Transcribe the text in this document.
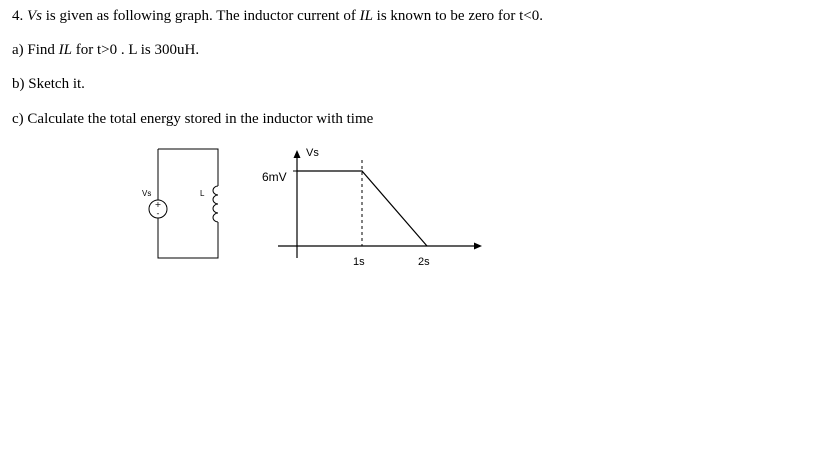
4. Vs is given as following graph. The inductor current of IL is known to be zero for t<0.
a) Find IL for t>0 . L is 300uH.
b) Sketch it.
c) Calculate the total energy stored in the inductor with time
+
-
Vs	L
Vs
6mV
1s	2s
